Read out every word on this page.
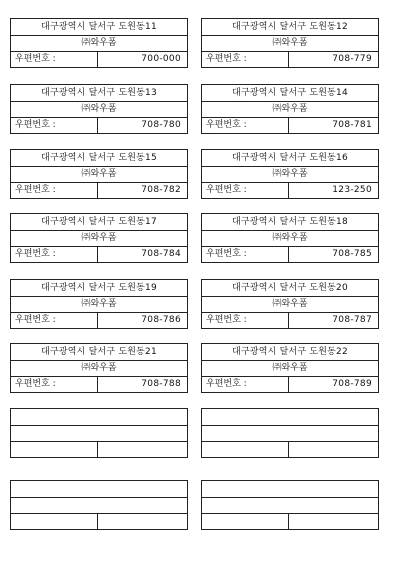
대구광역시 달서구 도원동11
㈜와우폼
우편번호 :	700-000
대구광역시 달서구 도원동12
㈜와우폼
우편번호 :	708-779
대구광역시 달서구 도원동13
㈜와우폼
우편번호 :	708-780
대구광역시 달서구 도원동14
㈜와우폼
우편번호 :	708-781
대구광역시 달서구 도원동15
㈜와우폼
우편번호 :	708-782
대구광역시 달서구 도원동16
㈜와우폼
우편번호 :	123-250
대구광역시 달서구 도원동17
㈜와우폼
우편번호 :	708-784
대구광역시 달서구 도원동18
㈜와우폼
우편번호 :	708-785
대구광역시 달서구 도원동19
㈜와우폼
우편번호 :	708-786
대구광역시 달서구 도원동20
㈜와우폼
우편번호 :	708-787
대구광역시 달서구 도원동21
㈜와우폼
우편번호 :	708-788
대구광역시 달서구 도원동22
㈜와우폼
우편번호 :	708-789
